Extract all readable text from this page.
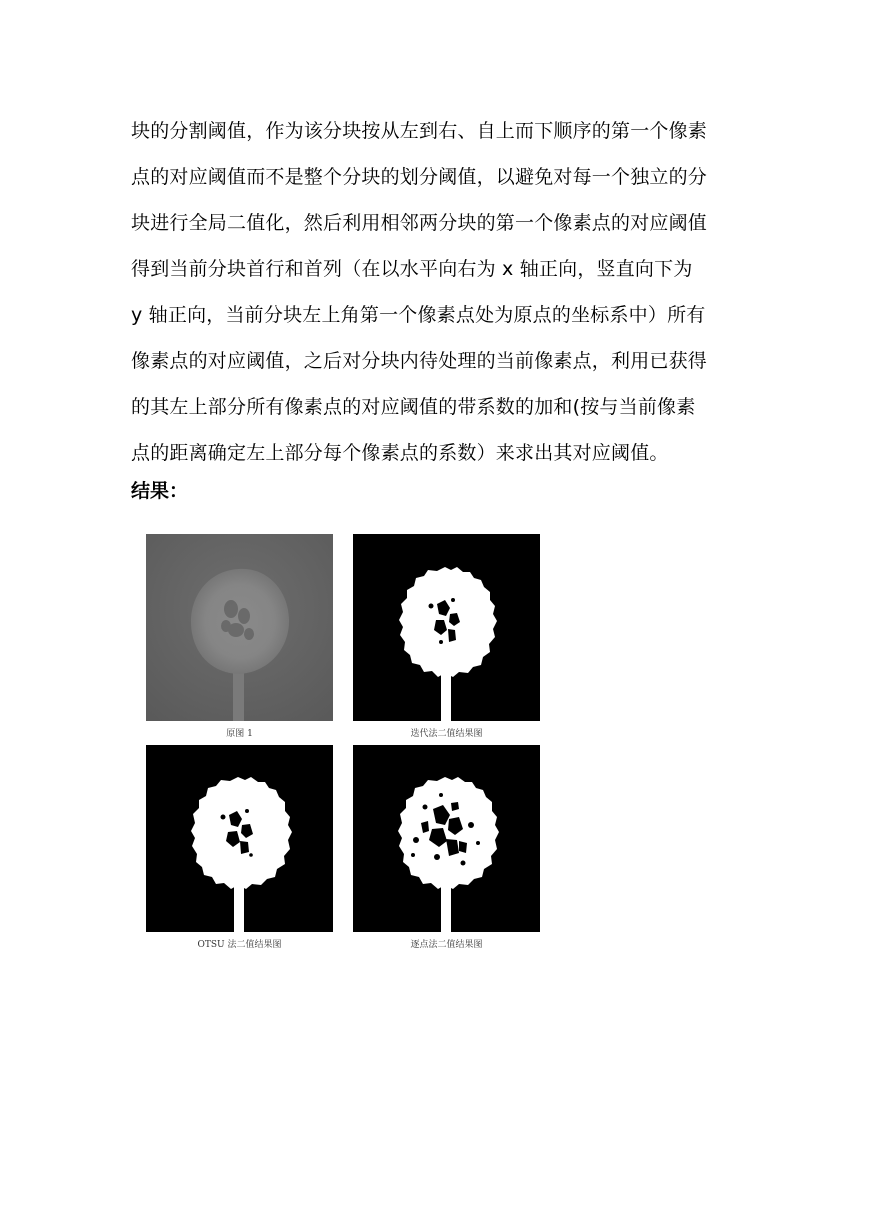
块的分割阈值，作为该分块按从左到右、自上而下顺序的第一个像素
点的对应阈值而不是整个分块的划分阈值，以避免对每一个独立的分
块进行全局二值化，然后利用相邻两分块的第一个像素点的对应阈值
得到当前分块首行和首列（在以水平向右为 x 轴正向，竖直向下为
y 轴正向，当前分块左上角第一个像素点处为原点的坐标系中）所有
像素点的对应阈值，之后对分块内待处理的当前像素点，利用已获得
的其左上部分所有像素点的对应阈值的带系数的加和(按与当前像素
点的距离确定左上部分每个像素点的系数）来求出其对应阈值。
结果：
原图 1	迭代法二值结果图
OTSU 法二值结果图	逐点法二值结果图
